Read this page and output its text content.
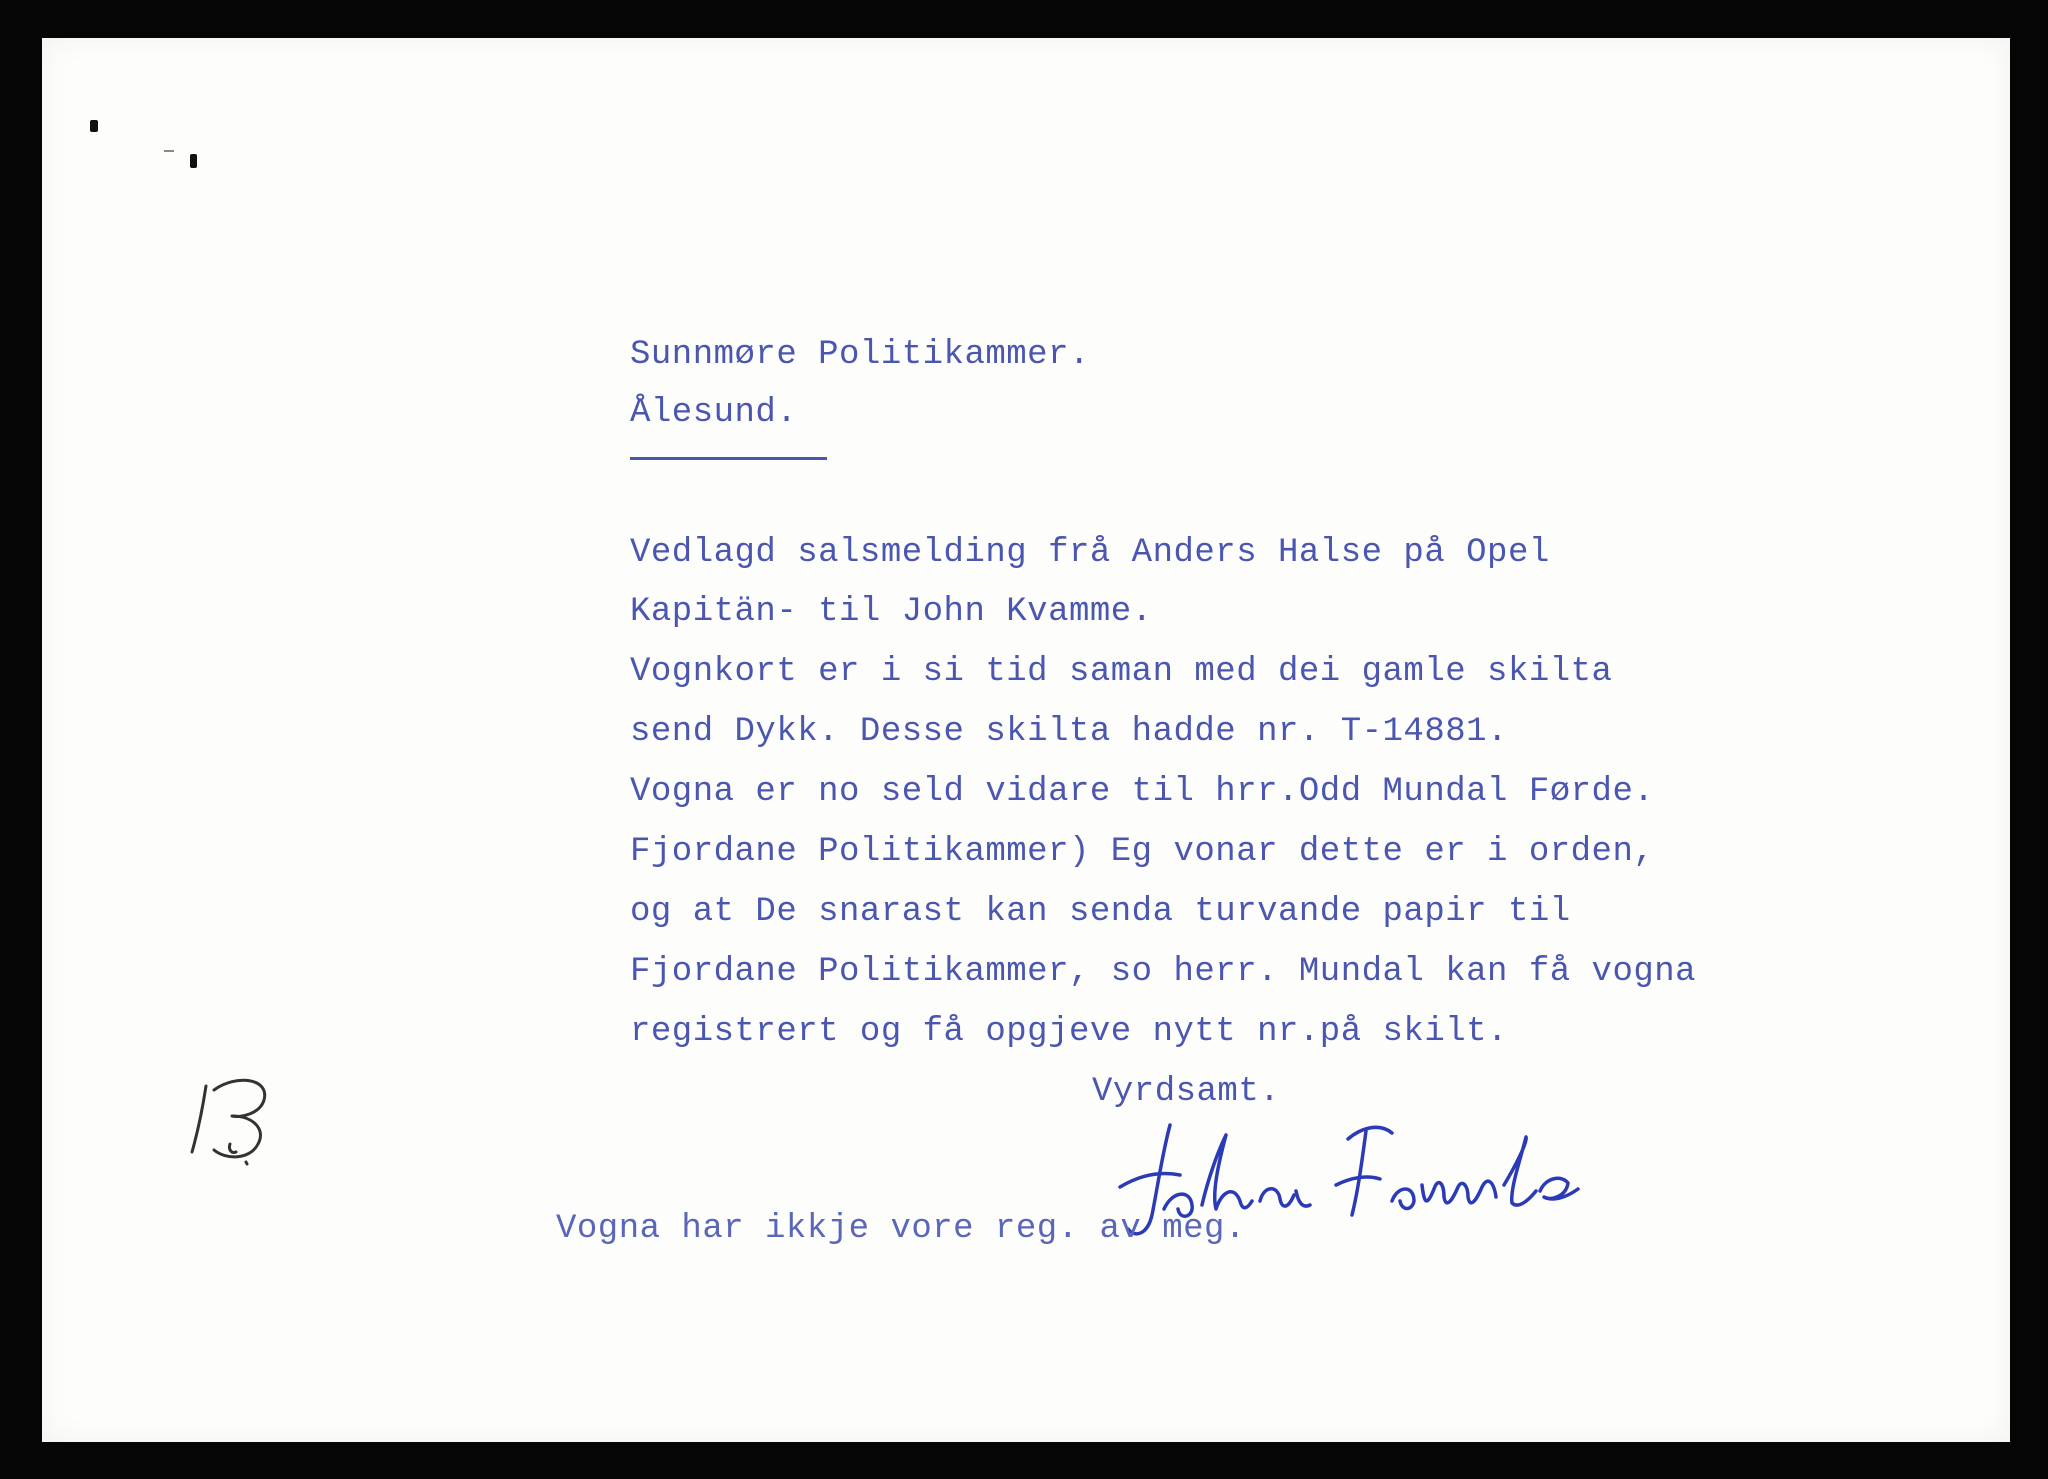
Sunnmøre Politikammer.
Ålesund.
Vedlagd salsmelding frå Anders Halse på Opel
Kapitän- til John Kvamme.
Vognkort er i si tid saman med dei gamle skilta
send Dykk. Desse skilta hadde nr. T-14881.
Vogna er no seld vidare til hrr.Odd Mundal Førde.
Fjordane Politikammer) Eg vonar dette er i orden,
og at De snarast kan senda turvande papir til
Fjordane Politikammer, so herr. Mundal kan få vogna
registrert og få opgjeve nytt nr.på skilt.
Vyrdsamt.
Vogna har ikkje vore reg. av meg.
